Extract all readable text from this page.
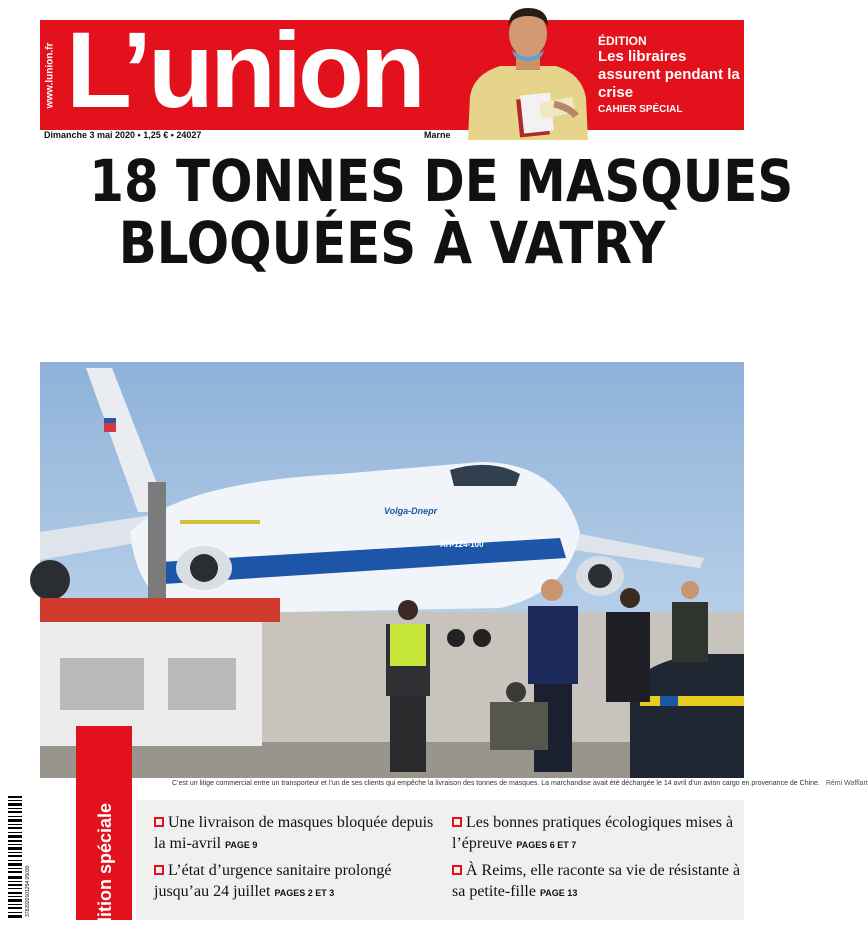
www.lunion.fr L’union	ÉDITION
Les libraires assurent pendant la crise
CAHIER SPÉCIAL
Dimanche 3 mai 2020 • 1,25 € • 24027	Marne
18 TONNES DE MASQUES
BLOQUÉES À VATRY
Volga-Dnepr
АН-124-100
C’est un litige commercial entre un transporteur et l’un de ses clients qui empêche la livraison des tonnes de masques. La marchandise avait été déchargée le 14 avril d’un avion cargo en provenance de Chine. Rémi Wafflart
Édition spéciale
3782920101254 05030
Une livraison de masques bloquée depuis la mi-avril PAGE 9
L’état d’urgence sanitaire prolongé jusqu’au 24 juillet PAGES 2 ET 3
Les bonnes pratiques écologiques mises à l’épreuve PAGES 6 ET 7
À Reims, elle raconte sa vie de résistante à sa petite-fille PAGE 13
